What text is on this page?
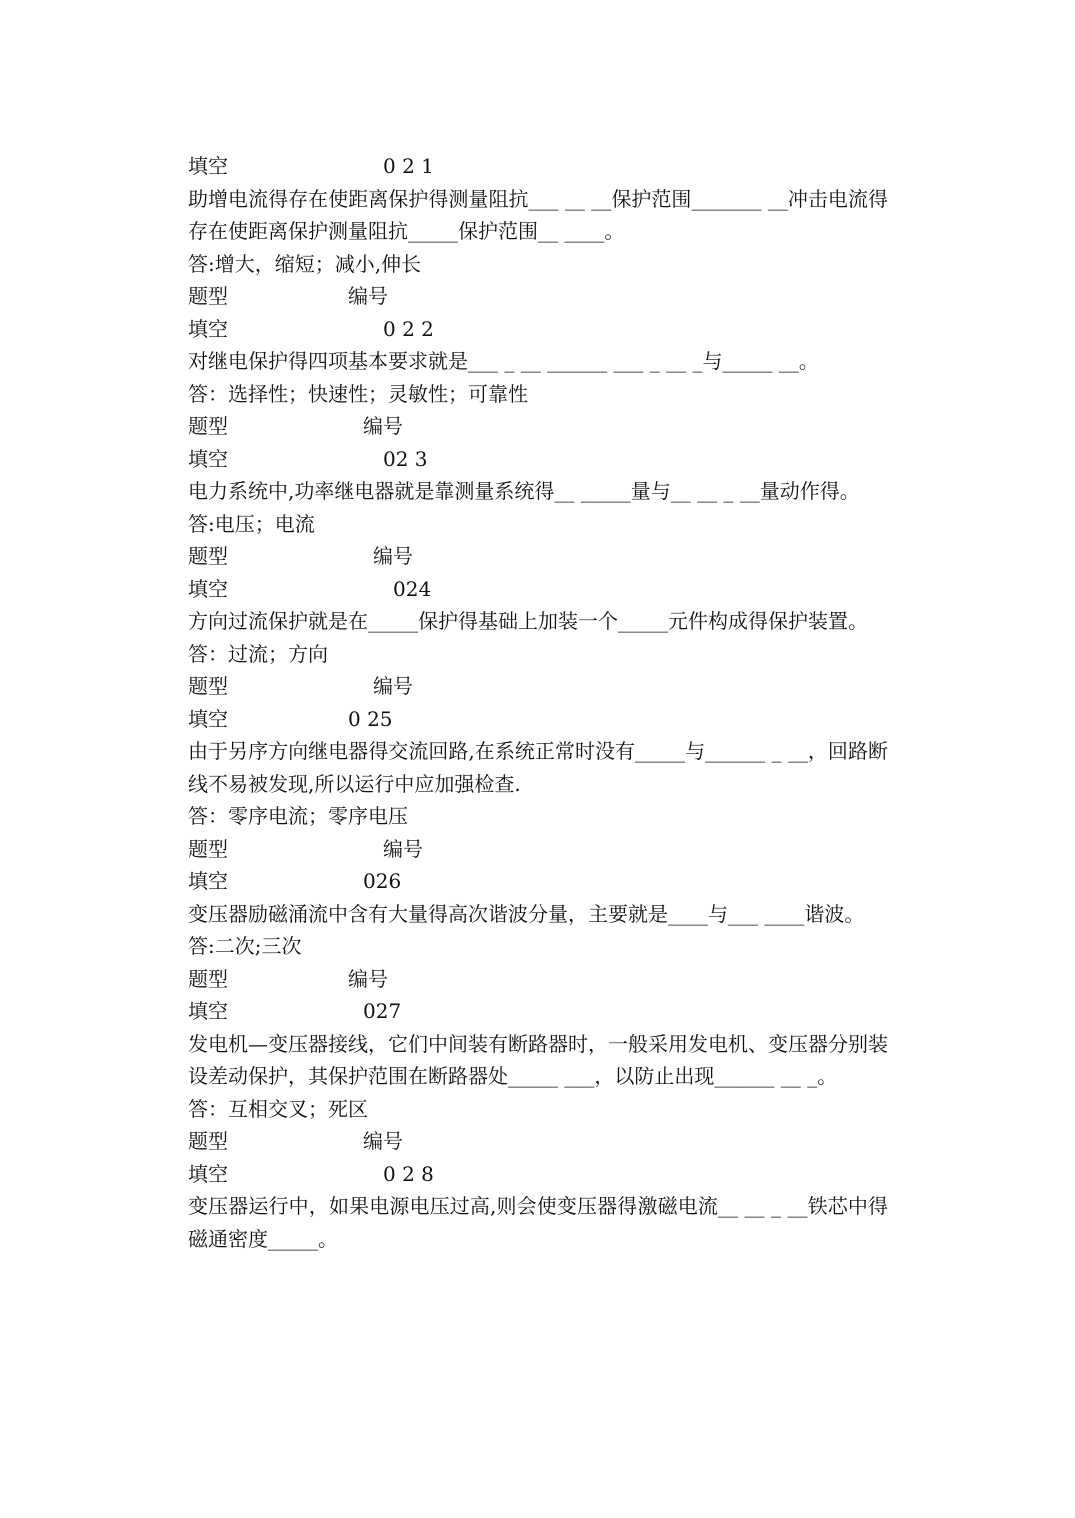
填空	0 2 1
助增电流得存在使距离保护得测量阻抗___ __ __保护范围_______ __冲击电流得存在使距离保护测量阻抗_____保护范围__ ____。
答:增大，缩短；减小,伸长
题型	编号
填空	0 2 2
对继电保护得四项基本要求就是___ _ __ ______ ___ _ __ _与_____ __。
答：选择性；快速性；灵敏性；可靠性
题型	编号
填空	02 3
电力系统中,功率继电器就是靠测量系统得__ _____量与__ __ _ __量动作得。
答:电压；电流
题型	编号
填空	024
方向过流保护就是在_____保护得基础上加装一个_____元件构成得保护装置。
答：过流；方向
题型	编号
填空	0 25
由于另序方向继电器得交流回路,在系统正常时没有_____与______ _ __，回路断线不易被发现,所以运行中应加强检查.
答：零序电流；零序电压
题型	编号
填空	026
变压器励磁涌流中含有大量得高次谐波分量，主要就是____与___ ____谐波。
答:二次;三次
题型	编号
填空	027
发电机—变压器接线，它们中间装有断路器时，一般采用发电机、变压器分别装设差动保护，其保护范围在断路器处_____ ___，以防止出现______ __ _。
答：互相交叉；死区
题型	编号
填空	0 2 8
变压器运行中，如果电源电压过高,则会使变压器得激磁电流__ __ _ __铁芯中得磁通密度_____。
